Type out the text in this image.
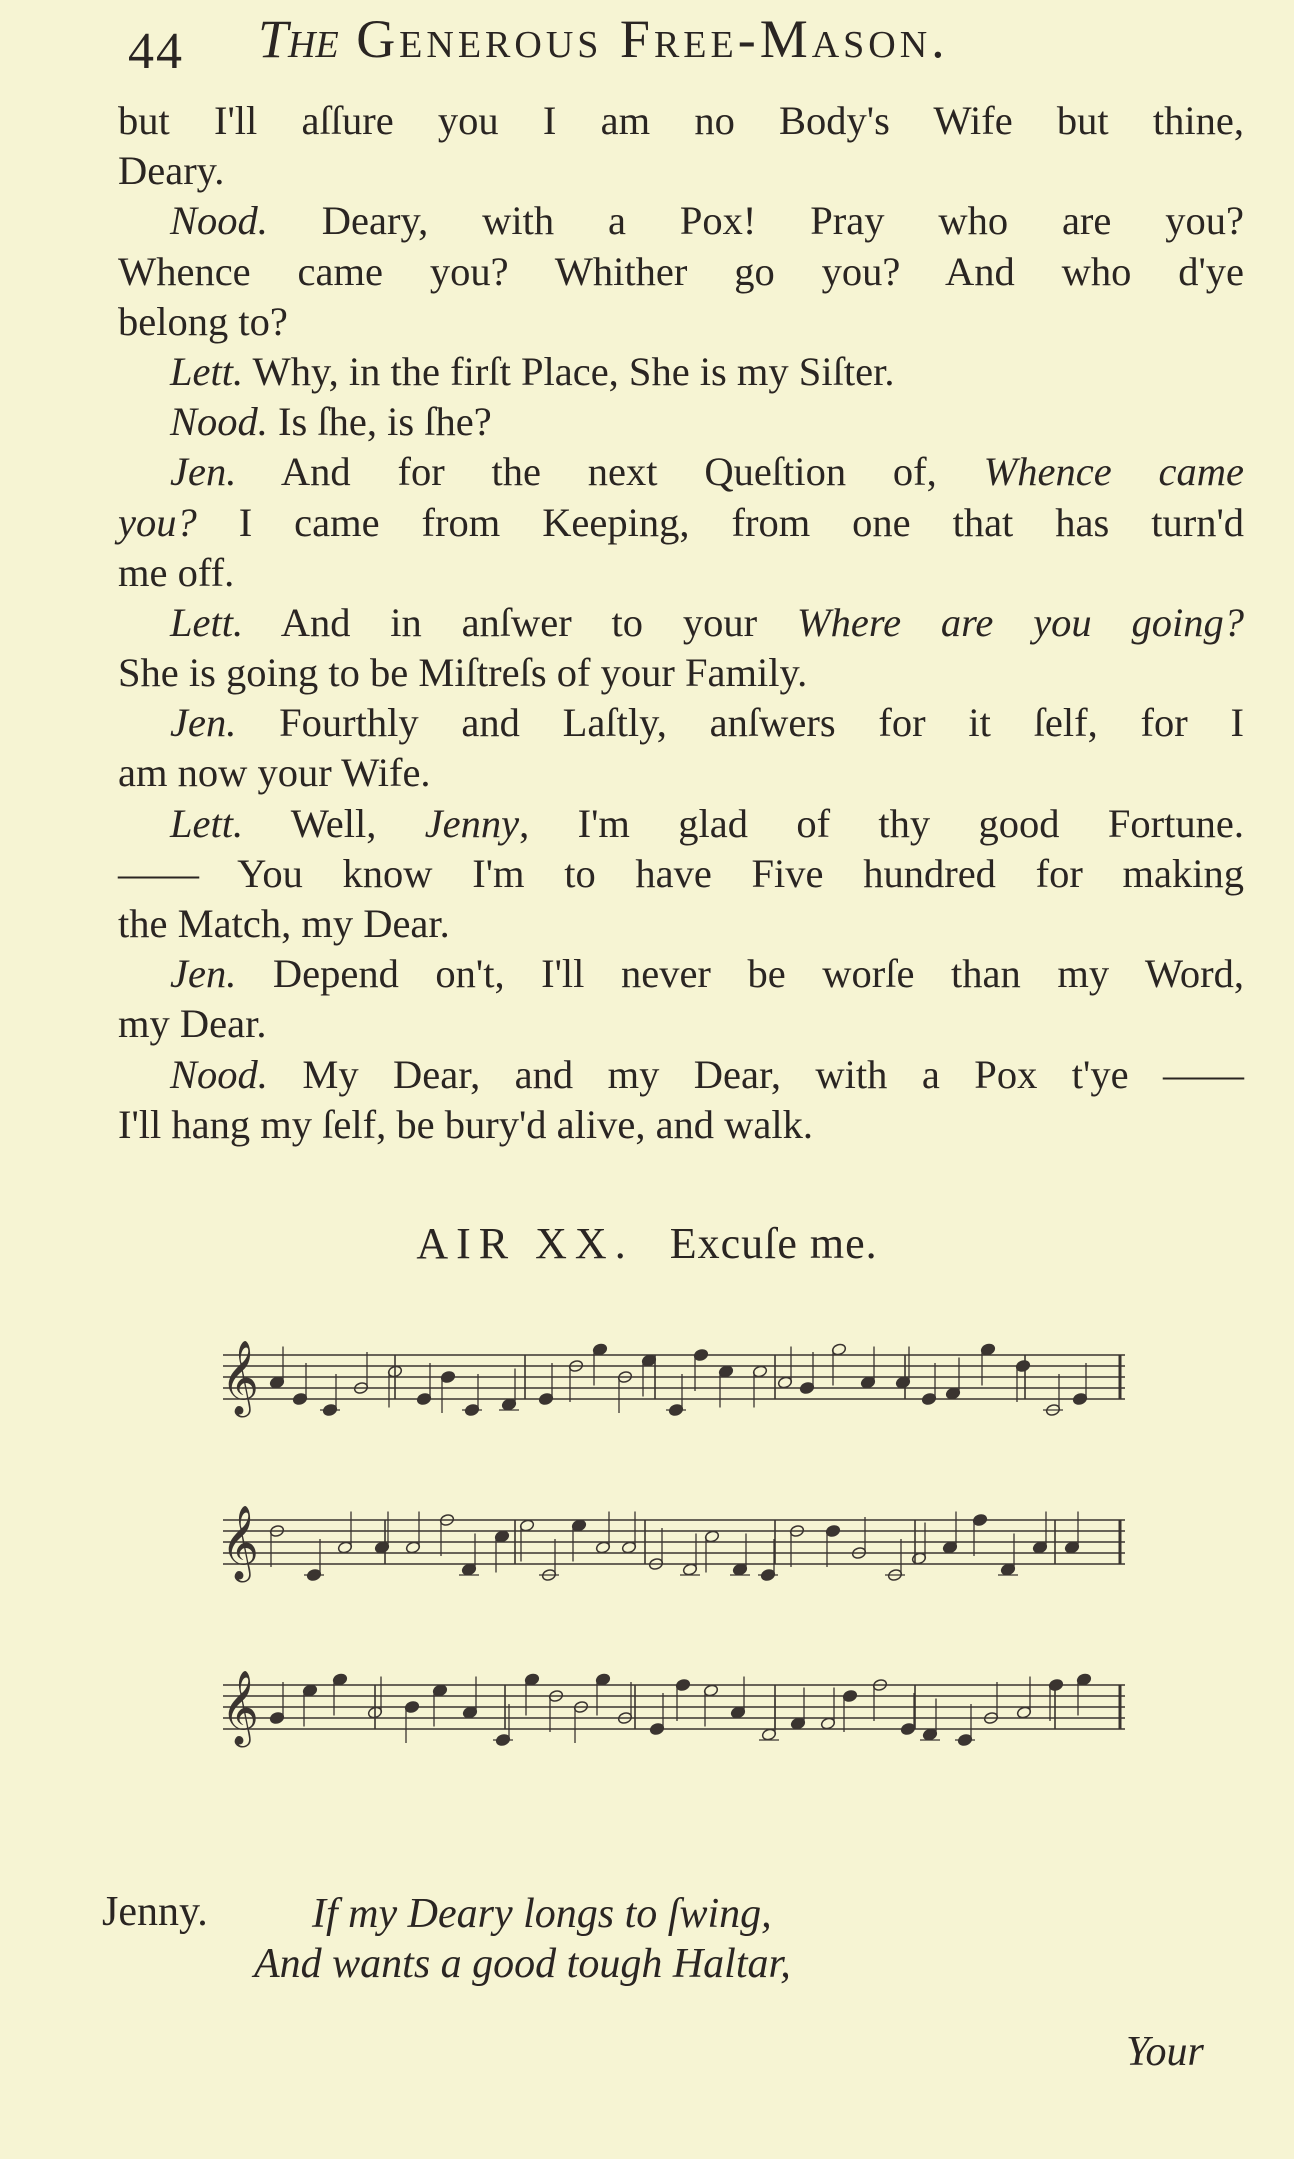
44 The Generous Free-Mason.
but I'll aſſure you I am no Body's Wife but thine,
Deary.
Nood. Deary, with a Pox! Pray who are you?
Whence came you? Whither go you? And who d'ye
belong to?
Lett. Why, in the firſt Place, She is my Siſter.
Nood. Is ſhe, is ſhe?
Jen. And for the next Queſtion of, Whence came
you? I came from Keeping, from one that has turn'd
me off.
Lett. And in anſwer to your Where are you going?
She is going to be Miſtreſs of your Family.
Jen. Fourthly and Laſtly, anſwers for it ſelf, for I
am now your Wife.
Lett. Well, Jenny, I'm glad of thy good Fortune.
—— You know I'm to have Five hundred for making
the Match, my Dear.
Jen. Depend on't, I'll never be worſe than my Word,
my Dear.
Nood. My Dear, and my Dear, with a Pox t'ye ——
I'll hang my ſelf, be bury'd alive, and walk.
AIR XX. Excuſe me.
𝄞
𝄞
𝄞
Jenny. If my Deary longs to ſwing,
And wants a good tough Haltar,
Your
